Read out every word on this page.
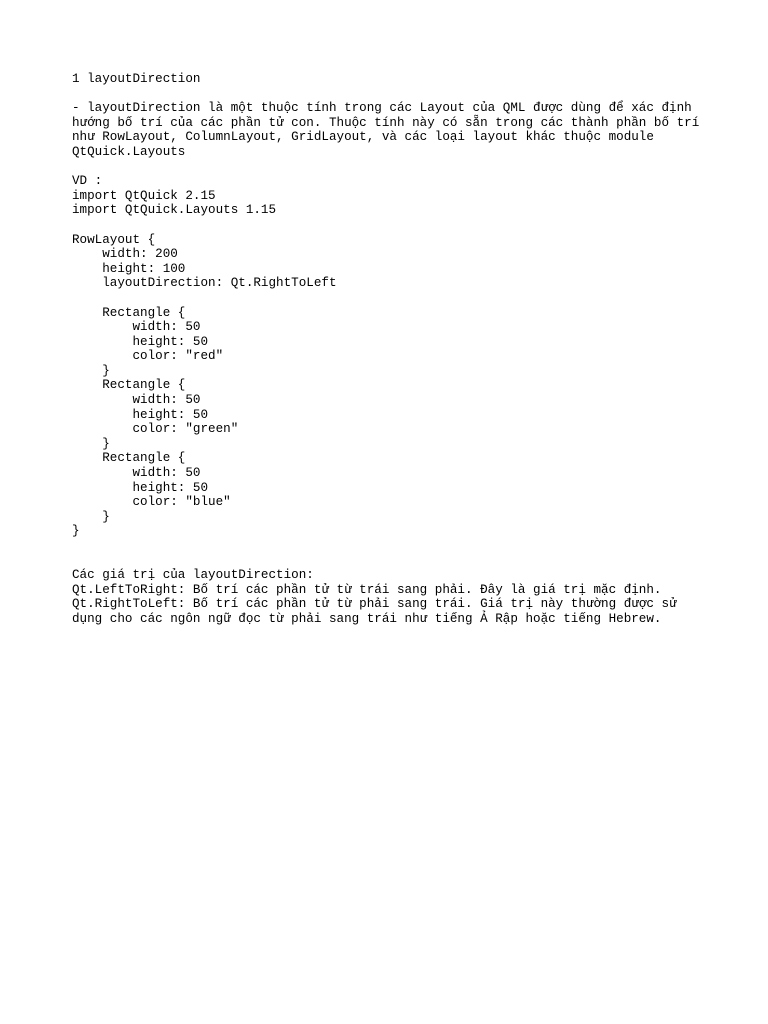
1 layoutDirection
- layoutDirection là một thuộc tính trong các Layout của QML được dùng để xác định
hướng bố trí của các phần tử con. Thuộc tính này có sẵn trong các thành phần bố trí
như RowLayout, ColumnLayout, GridLayout, và các loại layout khác thuộc module
QtQuick.Layouts
VD :
import QtQuick 2.15
import QtQuick.Layouts 1.15
RowLayout {
width: 200
height: 100
layoutDirection: Qt.RightToLeft
Rectangle {
width: 50
height: 50
color: "red"
}
Rectangle {
width: 50
height: 50
color: "green"
}
Rectangle {
width: 50
height: 50
color: "blue"
}
}
Các giá trị của layoutDirection:
Qt.LeftToRight: Bố trí các phần tử từ trái sang phải. Đây là giá trị mặc định.
Qt.RightToLeft: Bố trí các phần tử từ phải sang trái. Giá trị này thường được sử
dụng cho các ngôn ngữ đọc từ phải sang trái như tiếng Ả Rập hoặc tiếng Hebrew.
